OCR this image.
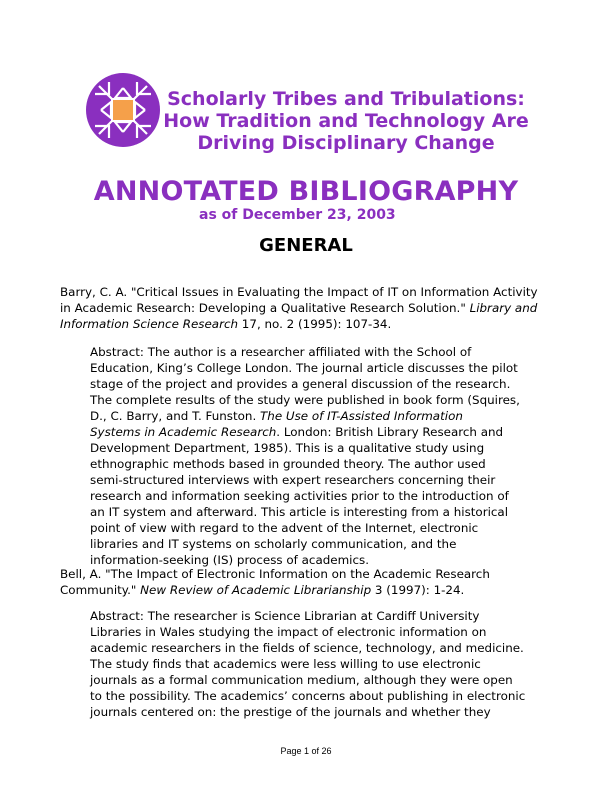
Scholarly Tribes and Tribulations:
How Tradition and Technology Are
Driving Disciplinary Change
ANNOTATED BIBLIOGRAPHY
as of December 23, 2003
GENERAL
Barry, C. A. "Critical Issues in Evaluating the Impact of IT on Information Activity
in Academic Research: Developing a Qualitative Research Solution." Library and
Information Science Research 17, no. 2 (1995): 107-34.
Abstract: The author is a researcher affiliated with the School of
Education, King’s College London. The journal article discusses the pilot
stage of the project and provides a general discussion of the research.
The complete results of the study were published in book form (Squires,
D., C. Barry, and T. Funston. The Use of IT-Assisted Information
Systems in Academic Research. London: British Library Research and
Development Department, 1985). This is a qualitative study using
ethnographic methods based in grounded theory. The author used
semi-structured interviews with expert researchers concerning their
research and information seeking activities prior to the introduction of
an IT system and afterward. This article is interesting from a historical
point of view with regard to the advent of the Internet, electronic
libraries and IT systems on scholarly communication, and the
information-seeking (IS) process of academics.
Bell, A. "The Impact of Electronic Information on the Academic Research
Community." New Review of Academic Librarianship 3 (1997): 1-24.
Abstract: The researcher is Science Librarian at Cardiff University
Libraries in Wales studying the impact of electronic information on
academic researchers in the fields of science, technology, and medicine.
The study finds that academics were less willing to use electronic
journals as a formal communication medium, although they were open
to the possibility. The academics’ concerns about publishing in electronic
journals centered on: the prestige of the journals and whether they
Page 1 of 26
